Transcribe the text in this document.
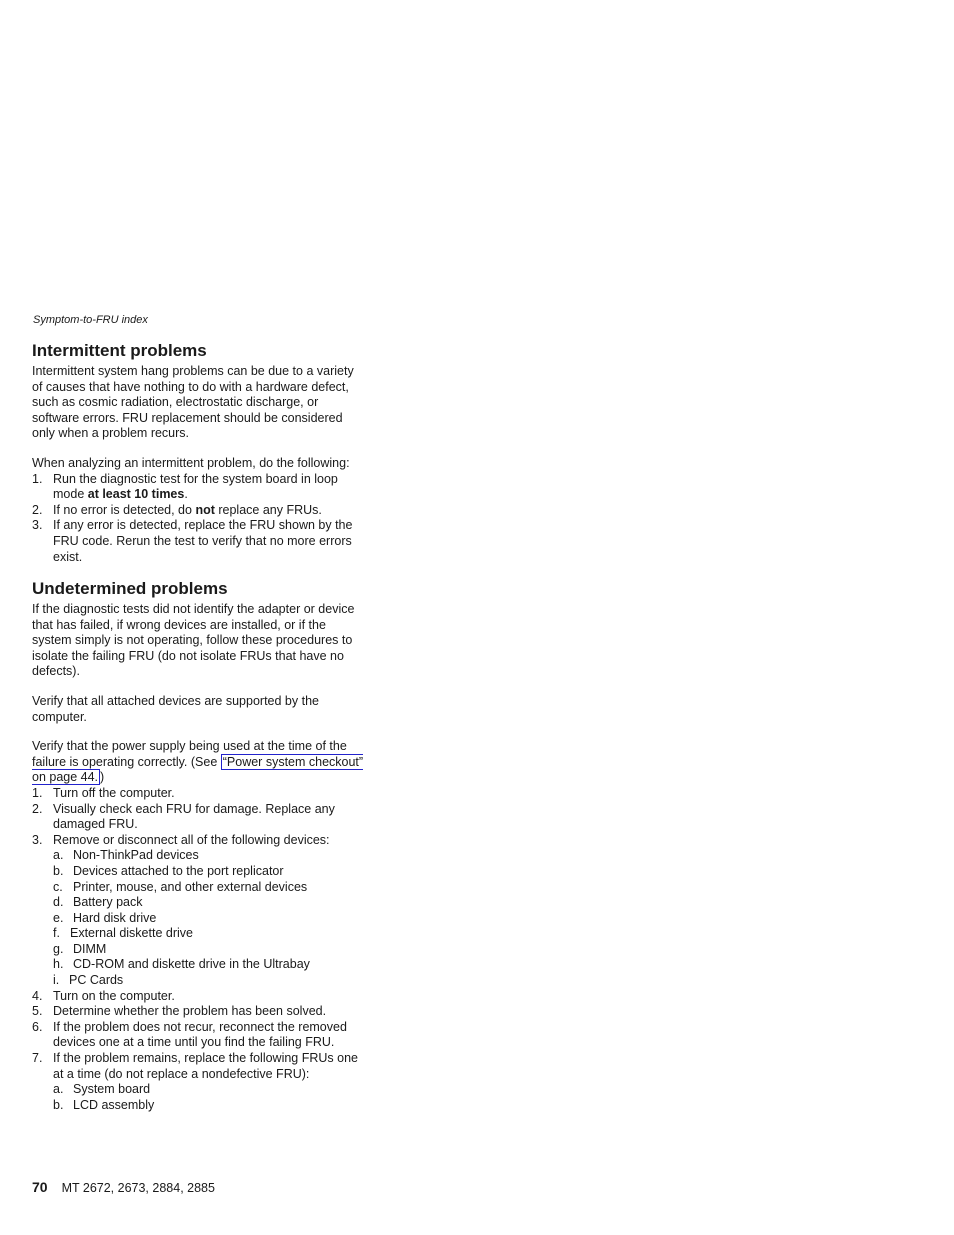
Symptom-to-FRU index
Intermittent problems

Intermittent system hang problems can be due to a variety of causes that have nothing to do with a hardware defect, such as cosmic radiation, electrostatic discharge, or software errors. FRU replacement should be considered only when a problem recurs.

When analyzing an intermittent problem, do the following:

1. Run the diagnostic test for the system board in loop mode at least 10 times.
2. If no error is detected, do not replace any FRUs.
3. If any error is detected, replace the FRU shown by the FRU code. Rerun the test to verify that no more errors exist.
Undetermined problems

If the diagnostic tests did not identify the adapter or device that has failed, if wrong devices are installed, or if the system simply is not operating, follow these procedures to isolate the failing FRU (do not isolate FRUs that have no defects).

Verify that all attached devices are supported by the computer.

Verify that the power supply being used at the time of the failure is operating correctly. (See “Power system checkout” on page 44. )

1. Turn off the computer.
2. Visually check each FRU for damage. Replace any damaged FRU.
3. Remove or disconnect all of the following devices:
a. Non-ThinkPad devices
b. Devices attached to the port replicator
c. Printer, mouse, and other external devices
d. Battery pack
e. Hard disk drive
f. External diskette drive
g. DIMM
h. CD-ROM and diskette drive in the Ultrabay
i. PC Cards
4. Turn on the computer.
5. Determine whether the problem has been solved.
6. If the problem does not recur, reconnect the removed devices one at a time until you find the failing FRU.
7. If the problem remains, replace the following FRUs one at a time (do not replace a nondefective FRU):
a. System board
b. LCD assembly
70 MT 2672, 2673, 2884, 2885
